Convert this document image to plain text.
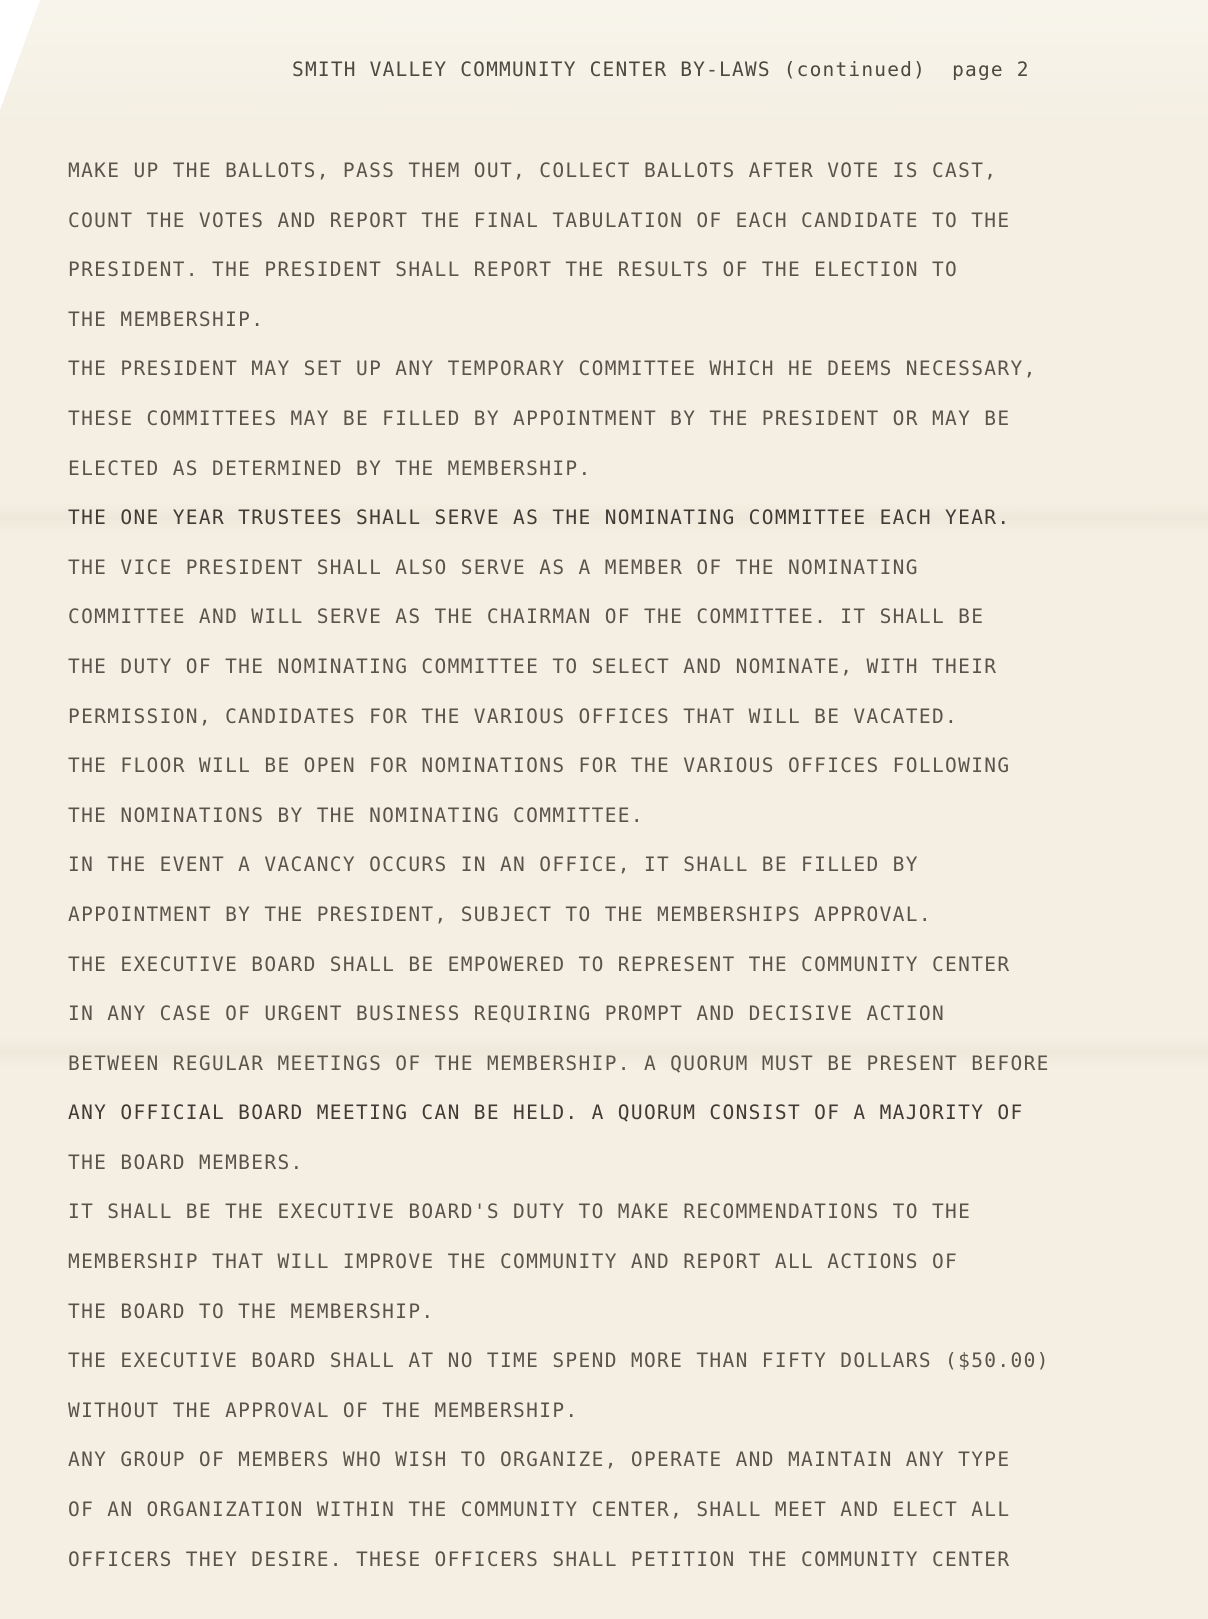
SMITH VALLEY COMMUNITY CENTER BY-LAWS (continued) page 2
MAKE UP THE BALLOTS, PASS THEM OUT, COLLECT BALLOTS AFTER VOTE IS CAST,
COUNT THE VOTES AND REPORT THE FINAL TABULATION OF EACH CANDIDATE TO THE
PRESIDENT. THE PRESIDENT SHALL REPORT THE RESULTS OF THE ELECTION TO
THE MEMBERSHIP.
THE PRESIDENT MAY SET UP ANY TEMPORARY COMMITTEE WHICH HE DEEMS NECESSARY,
THESE COMMITTEES MAY BE FILLED BY APPOINTMENT BY THE PRESIDENT OR MAY BE
ELECTED AS DETERMINED BY THE MEMBERSHIP.
THE ONE YEAR TRUSTEES SHALL SERVE AS THE NOMINATING COMMITTEE EACH YEAR.
THE VICE PRESIDENT SHALL ALSO SERVE AS A MEMBER OF THE NOMINATING
COMMITTEE AND WILL SERVE AS THE CHAIRMAN OF THE COMMITTEE. IT SHALL BE
THE DUTY OF THE NOMINATING COMMITTEE TO SELECT AND NOMINATE, WITH THEIR
PERMISSION, CANDIDATES FOR THE VARIOUS OFFICES THAT WILL BE VACATED.
THE FLOOR WILL BE OPEN FOR NOMINATIONS FOR THE VARIOUS OFFICES FOLLOWING
THE NOMINATIONS BY THE NOMINATING COMMITTEE.
IN THE EVENT A VACANCY OCCURS IN AN OFFICE, IT SHALL BE FILLED BY
APPOINTMENT BY THE PRESIDENT, SUBJECT TO THE MEMBERSHIPS APPROVAL.
THE EXECUTIVE BOARD SHALL BE EMPOWERED TO REPRESENT THE COMMUNITY CENTER
IN ANY CASE OF URGENT BUSINESS REQUIRING PROMPT AND DECISIVE ACTION
BETWEEN REGULAR MEETINGS OF THE MEMBERSHIP. A QUORUM MUST BE PRESENT BEFORE
ANY OFFICIAL BOARD MEETING CAN BE HELD. A QUORUM CONSIST OF A MAJORITY OF
THE BOARD MEMBERS.
IT SHALL BE THE EXECUTIVE BOARD'S DUTY TO MAKE RECOMMENDATIONS TO THE
MEMBERSHIP THAT WILL IMPROVE THE COMMUNITY AND REPORT ALL ACTIONS OF
THE BOARD TO THE MEMBERSHIP.
THE EXECUTIVE BOARD SHALL AT NO TIME SPEND MORE THAN FIFTY DOLLARS ($50.00)
WITHOUT THE APPROVAL OF THE MEMBERSHIP.
ANY GROUP OF MEMBERS WHO WISH TO ORGANIZE, OPERATE AND MAINTAIN ANY TYPE
OF AN ORGANIZATION WITHIN THE COMMUNITY CENTER, SHALL MEET AND ELECT ALL
OFFICERS THEY DESIRE. THESE OFFICERS SHALL PETITION THE COMMUNITY CENTER
